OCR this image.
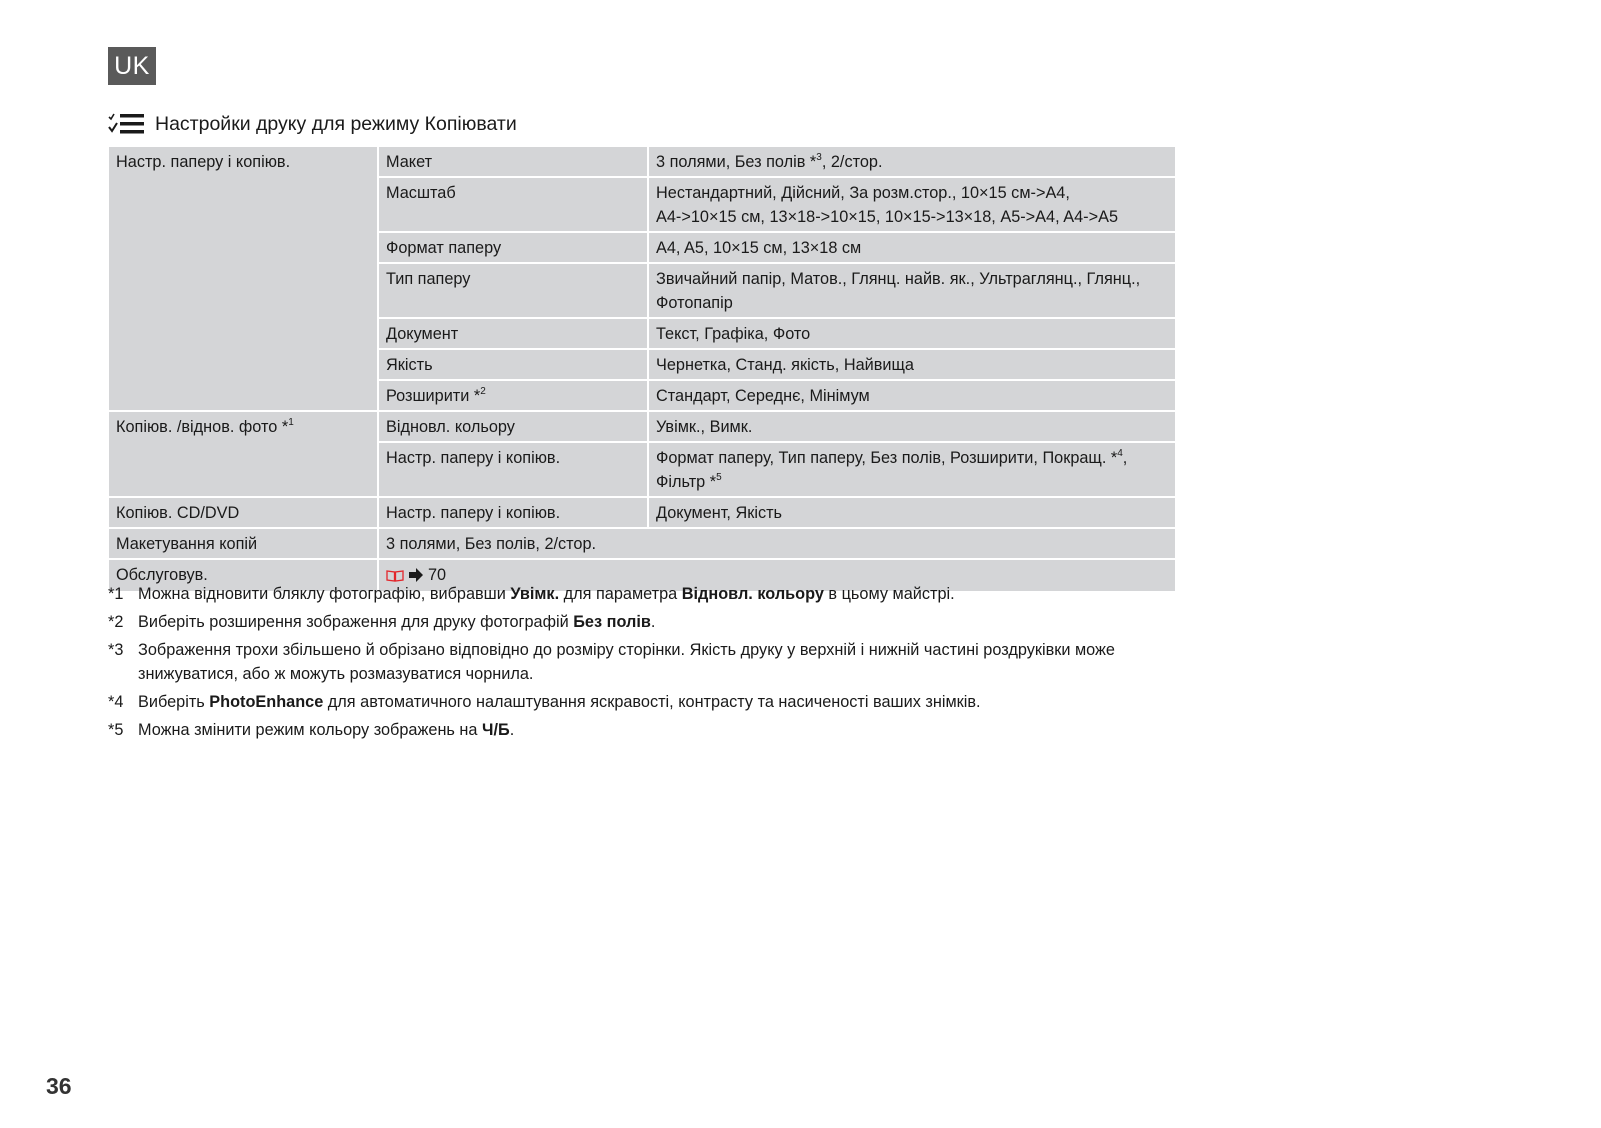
UK
Настройки друку для режиму Копіювати
Настр. паперу і копіюв.	Макет	3 полями, Без полів *$^3$, 2/стор.
	Масштаб	Нестандартний, Дійсний, За розм.стор., 10×15 см->A4,
A4->10×15 см, 13×18->10×15, 10×15->13×18, A5->A4, A4->A5
	Формат паперу	A4, A5, 10×15 см, 13×18 см
	Тип паперу	Звичайний папір, Матов., Глянц. найв. як., Ультраглянц., Глянц.,
Фотопапір
	Документ	Текст, Графіка, Фото
	Якість	Чернетка, Станд. якість, Найвища
	Розширити *$^2$	Стандарт, Середнє, Мінімум
Копіюв. /віднов. фото *$^1$	Відновл. кольору	Увімк., Вимк.
	Настр. паперу і копіюв.	Формат паперу, Тип паперу, Без полів, Розширити, Покращ. *$^4$,
Фільтр *$^5$
Копіюв. CD/DVD	Настр. паперу і копіюв.	Документ, Якість
Макетування копій	3 полями, Без полів, 2/стор.	
Обслуговув.	70	
*1 Можна відновити бляклу фотографію, вибравши Увімк. для параметра Відновл. кольору в цьому майстрі.
*2 Виберіть розширення зображення для друку фотографій Без полів.
*3 Зображення трохи збільшено й обрізано відповідно до розміру сторінки. Якість друку у верхній і нижній частині роздруківки може знижуватися, або ж можуть розмазуватися чорнила.
*4 Виберіть PhotoEnhance для автоматичного налаштування яскравості, контрасту та насиченості ваших знімків.
*5 Можна змінити режим кольору зображень на Ч/Б.
36
